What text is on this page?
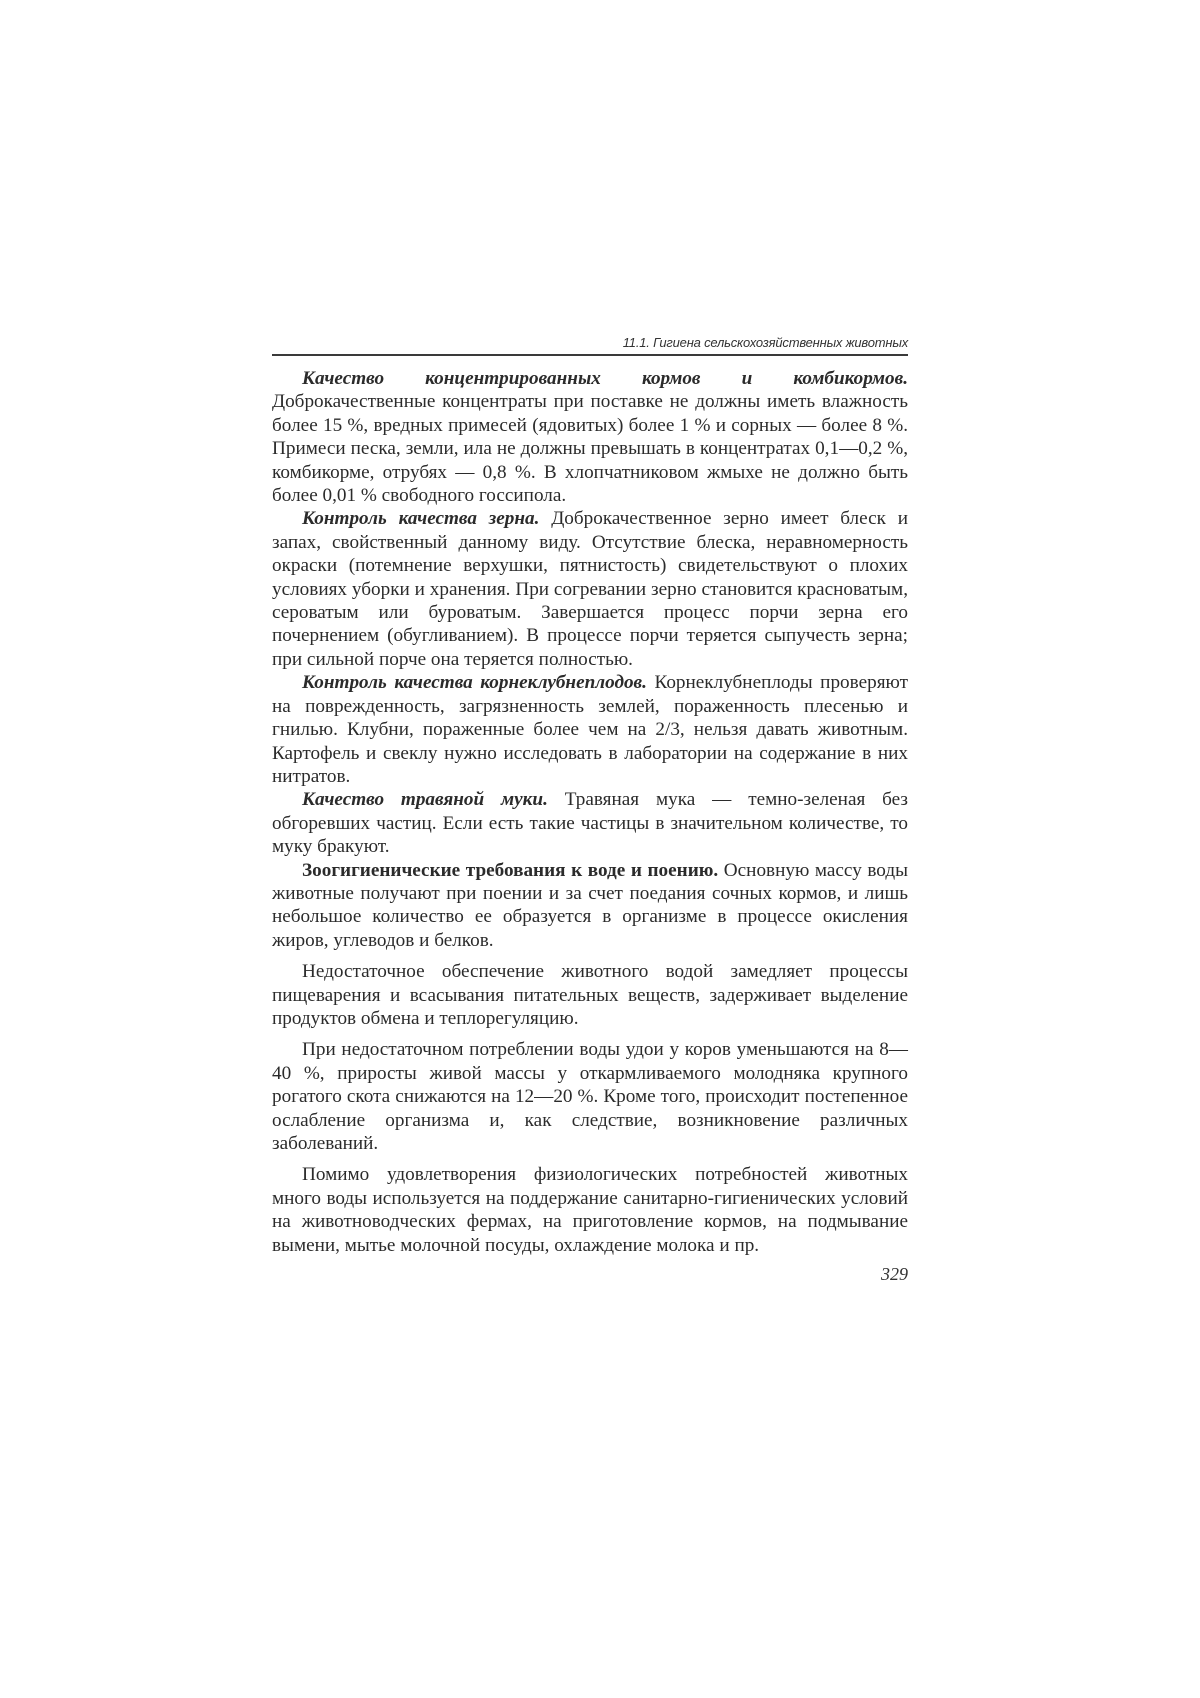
11.1. Гигиена сельскохозяйственных животных

Качество концентрированных кормов и комбикормов. Доброкачественные концентраты при поставке не должны иметь влажность более 15 %, вредных примесей (ядовитых) более 1 % и сорных — более 8 %. Примеси песка, земли, ила не должны превышать в концентратах 0,1—0,2 %, комбикорме, отрубях — 0,8 %. В хлопчатниковом жмыхе не должно быть более 0,01 % свободного госсипола.

Контроль качества зерна. Доброкачественное зерно имеет блеск и запах, свойственный данному виду. Отсутствие блеска, неравномерность окраски (потемнение верхушки, пятнистость) свидетельствуют о плохих условиях уборки и хранения. При согревании зерно становится красноватым, сероватым или буроватым. Завершается процесс порчи зерна его почернением (обугливанием). В процессе порчи теряется сыпучесть зерна; при сильной порче она теряется полностью.

Контроль качества корнеклубнеплодов. Корнеклубнеплоды проверяют на поврежденность, загрязненность землей, пораженность плесенью и гнилью. Клубни, пораженные более чем на 2/3, нельзя давать животным. Картофель и свеклу нужно исследовать в лаборатории на содержание в них нитратов.

Качество травяной муки. Травяная мука — темно-зеленая без обгоревших частиц. Если есть такие частицы в значительном количестве, то муку бракуют.

Зоогигиенические требования к воде и поению. Основную массу воды животные получают при поении и за счет поедания сочных кормов, и лишь небольшое количество ее образуется в организме в процессе окисления жиров, углеводов и белков.

Недостаточное обеспечение животного водой замедляет процессы пищеварения и всасывания питательных веществ, задерживает выделение продуктов обмена и теплорегуляцию.

При недостаточном потреблении воды удои у коров уменьшаются на 8—40 %, приросты живой массы у откармливаемого молодняка крупного рогатого скота снижаются на 12—20 %. Кроме того, происходит постепенное ослабление организма и, как следствие, возникновение различных заболеваний.

Помимо удовлетворения физиологических потребностей животных много воды используется на поддержание санитарно-гигиенических условий на животноводческих фермах, на приготовление кормов, на подмывание вымени, мытье молочной посуды, охлаждение молока и пр.

329
